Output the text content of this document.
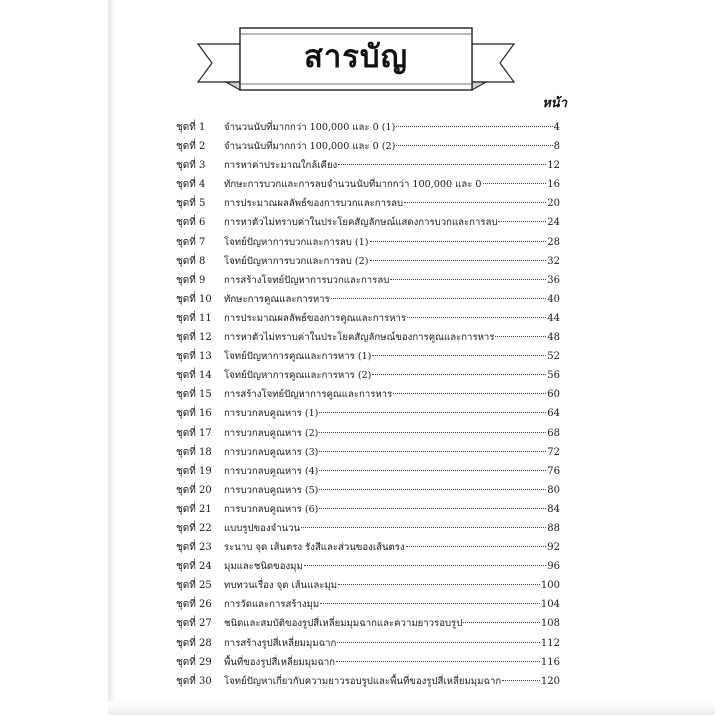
สารบัญ
หน้า
ชุดที่ 1	จำนวนนับที่มากกว่า 100,000 และ 0 (1)	4
ชุดที่ 2	จำนวนนับที่มากกว่า 100,000 และ 0 (2)	8
ชุดที่ 3	การหาค่าประมาณใกล้เคียง	12
ชุดที่ 4	ทักษะการบวกและการลบจำนวนนับที่มากกว่า 100,000 และ 0	16
ชุดที่ 5	การประมาณผลลัพธ์ของการบวกและการลบ	20
ชุดที่ 6	การหาตัวไม่ทราบค่าในประโยคสัญลักษณ์แสดงการบวกและการลบ	24
ชุดที่ 7	โจทย์ปัญหาการบวกและการลบ (1)	28
ชุดที่ 8	โจทย์ปัญหาการบวกและการลบ (2)	32
ชุดที่ 9	การสร้างโจทย์ปัญหาการบวกและการลบ	36
ชุดที่ 10	ทักษะการคูณและการหาร	40
ชุดที่ 11	การประมาณผลลัพธ์ของการคูณและการหาร	44
ชุดที่ 12	การหาตัวไม่ทราบค่าในประโยคสัญลักษณ์ของการคูณและการหาร	48
ชุดที่ 13	โจทย์ปัญหาการคูณและการหาร (1)	52
ชุดที่ 14	โจทย์ปัญหาการคูณและการหาร (2)	56
ชุดที่ 15	การสร้างโจทย์ปัญหาการคูณและการหาร	60
ชุดที่ 16	การบวกลบคูณหาร (1)	64
ชุดที่ 17	การบวกลบคูณหาร (2)	68
ชุดที่ 18	การบวกลบคูณหาร (3)	72
ชุดที่ 19	การบวกลบคูณหาร (4)	76
ชุดที่ 20	การบวกลบคูณหาร (5)	80
ชุดที่ 21	การบวกลบคูณหาร (6)	84
ชุดที่ 22	แบบรูปของจำนวน	88
ชุดที่ 23	ระนาบ จุด เส้นตรง รังสีและส่วนของเส้นตรง	92
ชุดที่ 24	มุมและชนิดของมุม	96
ชุดที่ 25	ทบทวนเรื่อง จุด เส้นและมุม	100
ชุดที่ 26	การวัดและการสร้างมุม	104
ชุดที่ 27	ชนิดและสมบัติของรูปสี่เหลี่ยมมุมฉากและความยาวรอบรูป	108
ชุดที่ 28	การสร้างรูปสี่เหลี่ยมมุมฉาก	112
ชุดที่ 29	พื้นที่ของรูปสี่เหลี่ยมมุมฉาก	116
ชุดที่ 30	โจทย์ปัญหาเกี่ยวกับความยาวรอบรูปและพื้นที่ของรูปสี่เหลี่ยมมุมฉาก	120
